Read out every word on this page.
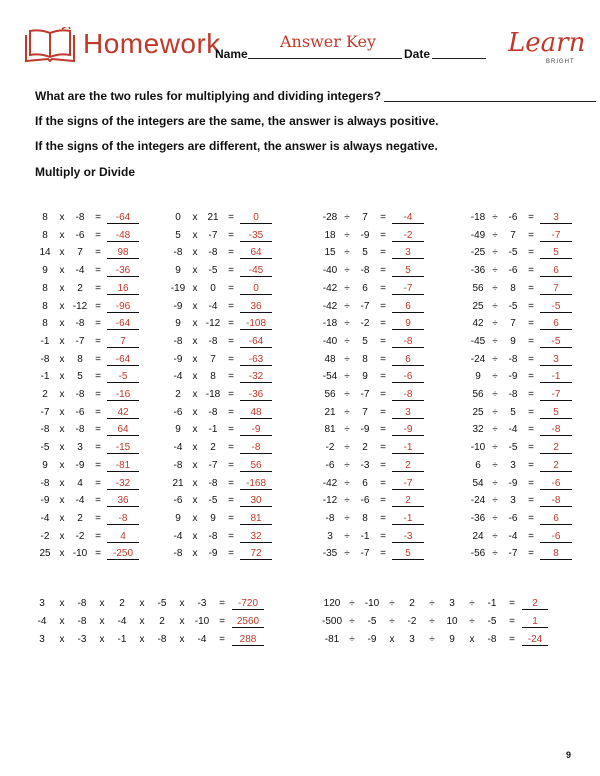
Homework
Name
Answer Key
Date	Learn
BRIGHT
What are the two rules for multiplying and dividing integers?
If the signs of the integers are the same, the answer is always positive.
If the signs of the integers are different, the answer is always negative.
Multiply or Divide
8	x	-8	=	-64
8	x	-6	=	-48
14 x	7	=	98
9	x	-4	=	-36
8	x	2	=	16
8	x -12 =	-96
8	x	-8	=	-64
-1	x	-7	=	7
-8	x	8	=	-64
-1	x	5	=	-5
2	x	-8	=	-16
-7	x	-6	=	42
-8	x	-8	=	64
-5	x	3	=	-15
9	x	-9	=	-81
-8	x	4	=	-32
-9	x	-4	=	36
-4	x	2	=	-8
-2	x	-2	=	4
25 x -10 =	-250
0	x 21 =	0
5	x	-7	=	-35
-8	x	-8	=	64
9	x	-5	=	-45
-19 x	0	=	0
-9	x	-4	=	36
9	x -12 =	-108
-8	x	-8	=	-64
-9	x	7	=	-63
-4	x	8	=	-32
2	x -18 =	-36
-6	x	-8	=	48
9	x	-1	=	-9
-4	x	2	=	-8
-8	x	-7	=	56
21 x	-8	=	-168
-6	x	-5	=	30
9	x	9	=	81
-4	x	-8	=	32
-8	x	-9	=	72
-28 ÷	7	=	-4
18 ÷	-9	=	-2
15 ÷	5	=	3
-40 ÷	-8	=	5
-42 ÷	6	=	-7
-42 ÷	-7	=	6
-18 ÷	-2	=	9
-40 ÷	5	=	-8
48 ÷	8	=	6
-54 ÷	9	=	-6
56 ÷	-7	=	-8
21 ÷	7	=	3
81 ÷	-9	=	-9
-2 ÷	2	=	-1
-6 ÷	-3	=	2
-42 ÷	6	=	-7
-12 ÷	-6	=	2
-8 ÷	8	=	-1
3	÷	-1	=	-3
-35 ÷	-7	=	5
-18 ÷	-6	=	3
-49 ÷	7	=	-7
-25 ÷	-5	=	5
-36 ÷	-6	=	6
56 ÷	8	=	7
25 ÷	-5	=	-5
42 ÷	7	=	6
-45 ÷	9	=	-5
-24 ÷	-8	=	3
9	÷	-9	=	-1
56 ÷	-8	=	-7
25 ÷	5	=	5
32 ÷	-4	=	-8
-10 ÷	-5	=	2
6	÷	3	=	2
54 ÷	-9	=	-6
-24 ÷	3	=	-8
-36 ÷	-6	=	6
24 ÷	-4	=	-6
-56 ÷	-7	=	8
3	x	-8	x	2	x	-5	x	-3	=	-720
-4	x	-8	x	-4	x	2	x	-10 =	2560
3	x	-3	x	-1	x	-8	x	-4	=	288
120 ÷	-10	÷	2	÷	3	÷	-1	=	2
-500 ÷	-5	÷	-2	÷	10	÷	-5	=	1
-81	÷	-9	x	3	÷	9	x	-8	=	-24
9
